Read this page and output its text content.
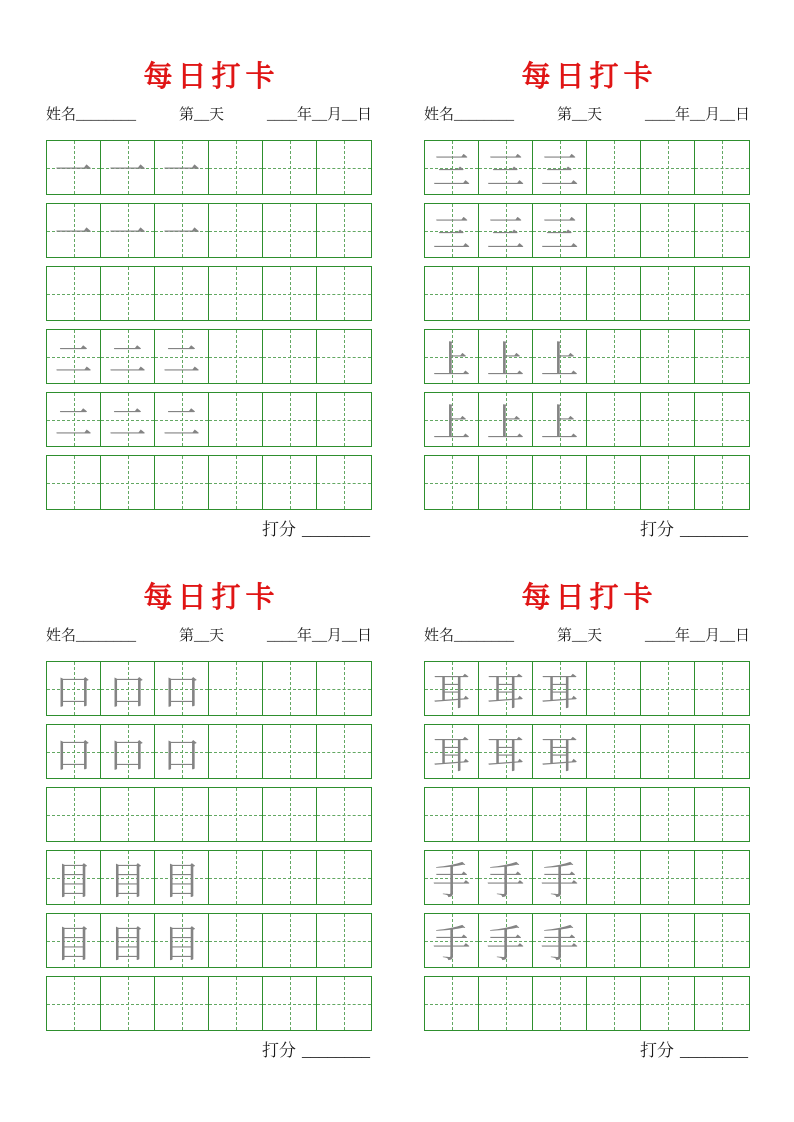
每日打卡
姓名________	第__天	____年__月__日
一 一 一
一 一 一
二 二 二
二 二 二
打分 ________
每日打卡
姓名________	第__天	____年__月__日
三 三 三
三 三 三
上 上 上
上 上 上
打分 ________
每日打卡
姓名________	第__天	____年__月__日
口 口 口
口 口 口
目 目 目
目 目 目
打分 ________
每日打卡
姓名________	第__天	____年__月__日
耳 耳 耳
耳 耳 耳
手 手 手
手 手 手
打分 ________
